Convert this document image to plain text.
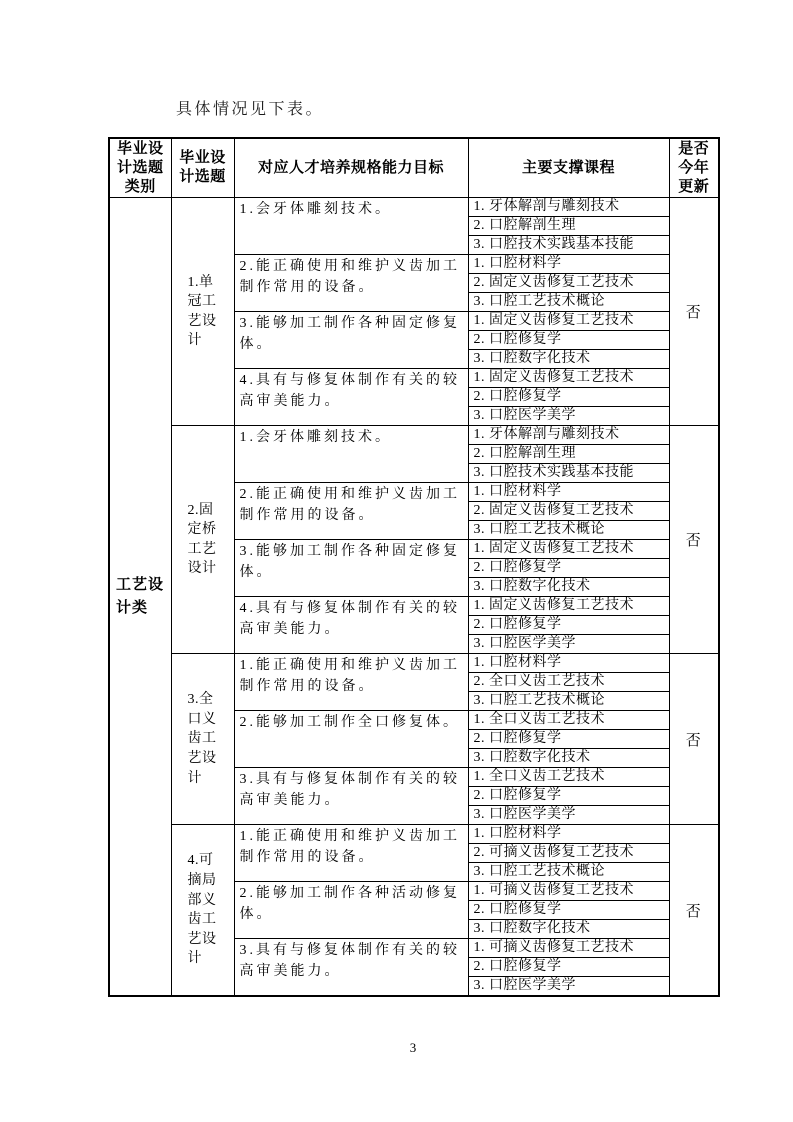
具体情况见下表。
毕业设计选题类别	毕业设计选题	对应人才培养规格能力目标	主要支撑课程	是否今年更新
工艺设计类	1.单冠工艺设计	1.会牙体雕刻技术。	1. 牙体解剖与雕刻技术	否
			2. 口腔解剖生理	
			3. 口腔技术实践基本技能	
		2.能正确使用和维护义齿加工制作常用的设备。	1. 口腔材料学	
			2. 固定义齿修复工艺技术	
			3. 口腔工艺技术概论	
		3.能够加工制作各种固定修复体。	1. 固定义齿修复工艺技术	
			2. 口腔修复学	
			3. 口腔数字化技术	
		4.具有与修复体制作有关的较高审美能力。	1. 固定义齿修复工艺技术	
			2. 口腔修复学	
			3. 口腔医学美学	
	2.固定桥工艺设计	1.会牙体雕刻技术。	1. 牙体解剖与雕刻技术	否
			2. 口腔解剖生理	
			3. 口腔技术实践基本技能	
		2.能正确使用和维护义齿加工制作常用的设备。	1. 口腔材料学	
			2. 固定义齿修复工艺技术	
			3. 口腔工艺技术概论	
		3.能够加工制作各种固定修复体。	1. 固定义齿修复工艺技术	
			2. 口腔修复学	
			3. 口腔数字化技术	
		4.具有与修复体制作有关的较高审美能力。	1. 固定义齿修复工艺技术	
			2. 口腔修复学	
			3. 口腔医学美学	
	3.全口义齿工艺设计	1.能正确使用和维护义齿加工制作常用的设备。	1. 口腔材料学	否
			2. 全口义齿工艺技术	
			3. 口腔工艺技术概论	
		2.能够加工制作全口修复体。	1. 全口义齿工艺技术	
			2. 口腔修复学	
			3. 口腔数字化技术	
		3.具有与修复体制作有关的较高审美能力。	1. 全口义齿工艺技术	
			2. 口腔修复学	
			3. 口腔医学美学	
	4.可摘局部义齿工艺设计	1.能正确使用和维护义齿加工制作常用的设备。	1. 口腔材料学	否
			2. 可摘义齿修复工艺技术	
			3. 口腔工艺技术概论	
		2.能够加工制作各种活动修复体。	1. 可摘义齿修复工艺技术	
			2. 口腔修复学	
			3. 口腔数字化技术	
		3.具有与修复体制作有关的较高审美能力。	1. 可摘义齿修复工艺技术	
			2. 口腔修复学	
			3. 口腔医学美学	
3
